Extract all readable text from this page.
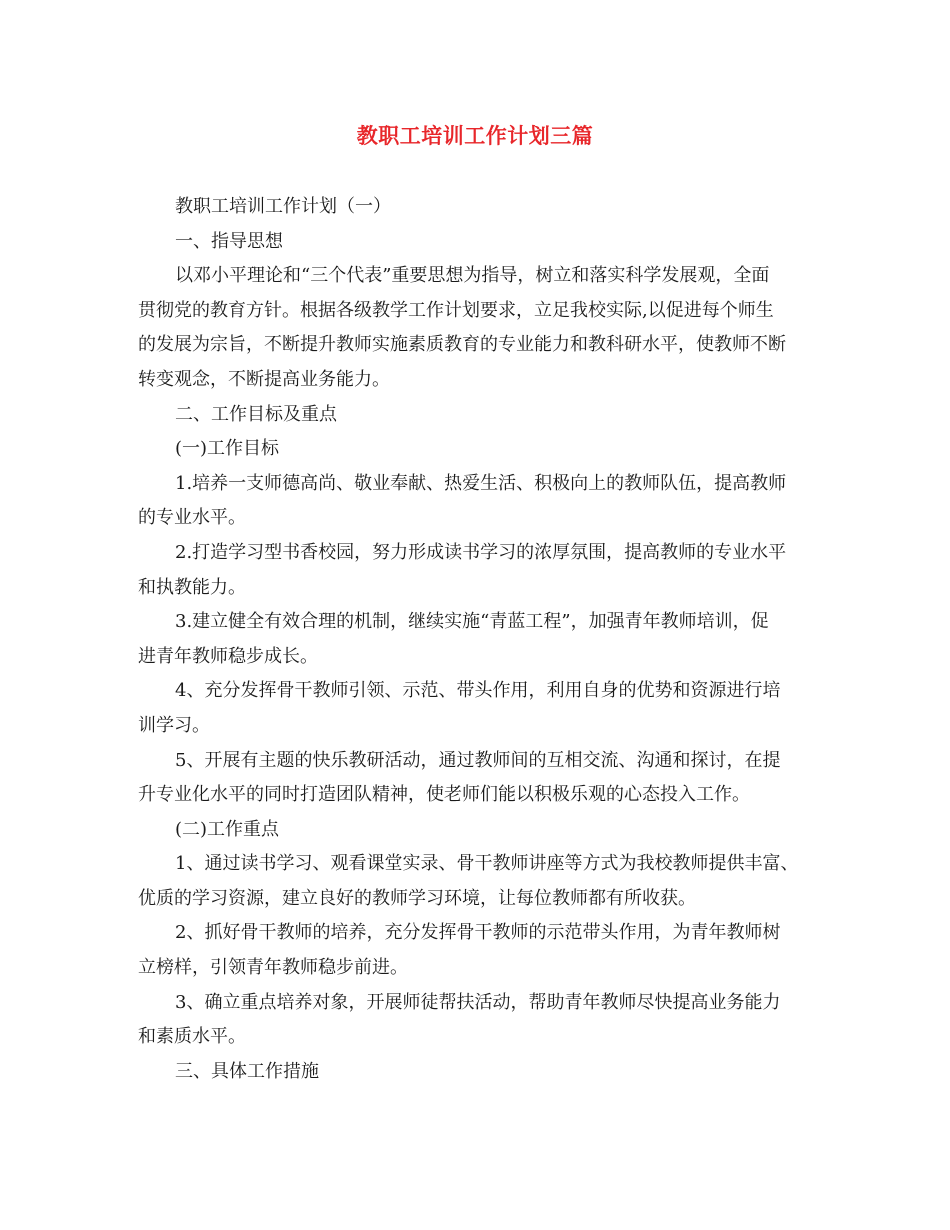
教职工培训工作计划三篇
教职工培训工作计划（一）
一、指导思想
以邓小平理论和“三个代表”重要思想为指导，树立和落实科学发展观，全面
贯彻党的教育方针。根据各级教学工作计划要求，立足我校实际,以促进每个师生
的发展为宗旨，不断提升教师实施素质教育的专业能力和教科研水平，使教师不断
转变观念，不断提高业务能力。
二、工作目标及重点
(一)工作目标
1.培养一支师德高尚、敬业奉献、热爱生活、积极向上的教师队伍，提高教师
的专业水平。
2.打造学习型书香校园，努力形成读书学习的浓厚氛围，提高教师的专业水平
和执教能力。
3.建立健全有效合理的机制，继续实施“青蓝工程”，加强青年教师培训，促
进青年教师稳步成长。
4、充分发挥骨干教师引领、示范、带头作用，利用自身的优势和资源进行培
训学习。
5、开展有主题的快乐教研活动，通过教师间的互相交流、沟通和探讨，在提
升专业化水平的同时打造团队精神，使老师们能以积极乐观的心态投入工作。
(二)工作重点
1、通过读书学习、观看课堂实录、骨干教师讲座等方式为我校教师提供丰富、
优质的学习资源，建立良好的教师学习环境，让每位教师都有所收获。
2、抓好骨干教师的培养，充分发挥骨干教师的示范带头作用，为青年教师树
立榜样，引领青年教师稳步前进。
3、确立重点培养对象，开展师徒帮扶活动，帮助青年教师尽快提高业务能力
和素质水平。
三、具体工作措施
